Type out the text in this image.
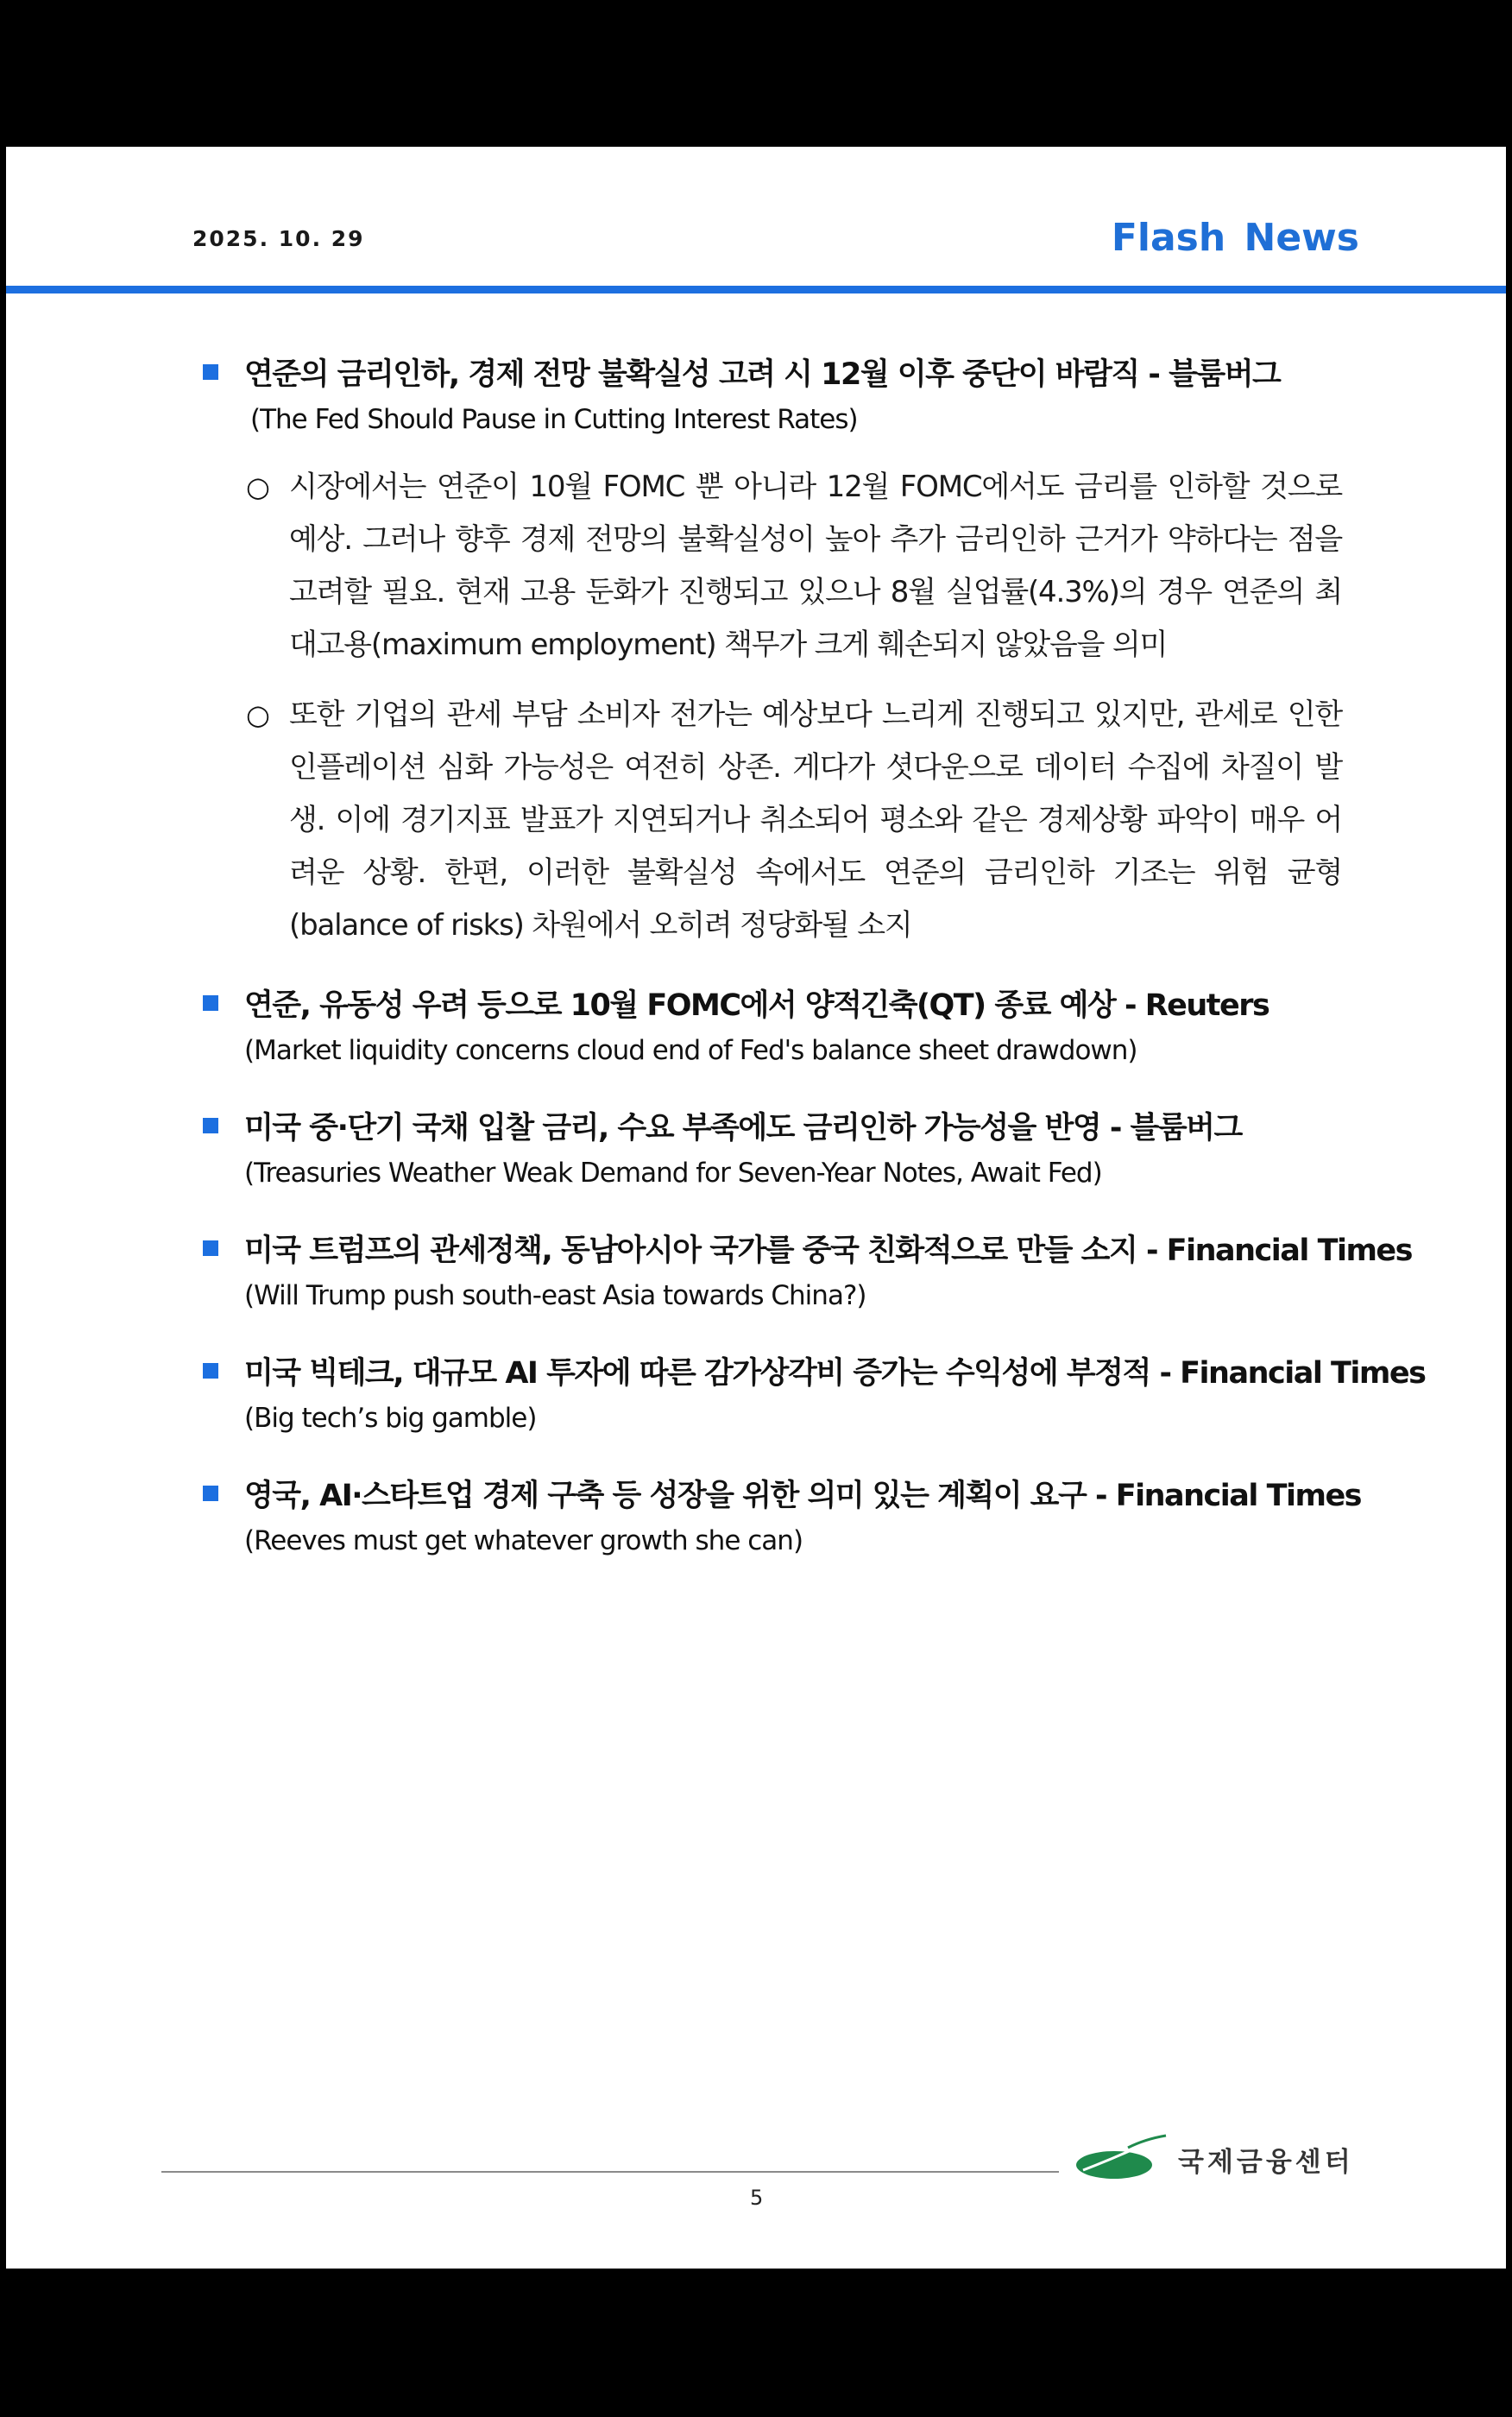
2025. 10. 29	Flash News
연준의 금리인하, 경제 전망 불확실성 고려 시 12월 이후 중단이 바람직 - 블룸버그
(The Fed Should Pause in Cutting Interest Rates)
○ 시장에서는 연준이 10월 FOMC 뿐 아니라 12월 FOMC에서도 금리를 인하할 것으로 예상. 그러나 향후 경제 전망의 불확실성이 높아 추가 금리인하 근거가 약하다는 점을 고려할 필요. 현재 고용 둔화가 진행되고 있으나 8월 실업률(4.3%)의 경우 연준의 최대고용(maximum employment) 책무가 크게 훼손되지 않았음을 의미
○ 또한 기업의 관세 부담 소비자 전가는 예상보다 느리게 진행되고 있지만, 관세로 인한 인플레이션 심화 가능성은 여전히 상존. 게다가 셧다운으로 데이터 수집에 차질이 발생. 이에 경기지표 발표가 지연되거나 취소되어 평소와 같은 경제상황 파악이 매우 어려운 상황. 한편, 이러한 불확실성 속에서도 연준의 금리인하 기조는 위험 균형(balance of risks) 차원에서 오히려 정당화될 소지
연준, 유동성 우려 등으로 10월 FOMC에서 양적긴축(QT) 종료 예상 - Reuters
(Market liquidity concerns cloud end of Fed's balance sheet drawdown)
미국 중·단기 국채 입찰 금리, 수요 부족에도 금리인하 가능성을 반영 - 블룸버그
(Treasuries Weather Weak Demand for Seven-Year Notes, Await Fed)
미국 트럼프의 관세정책, 동남아시아 국가를 중국 친화적으로 만들 소지 - Financial Times
(Will Trump push south-east Asia towards China?)
미국 빅테크, 대규모 AI 투자에 따른 감가상각비 증가는 수익성에 부정적 - Financial Times
(Big tech’s big gamble)
영국, AI·스타트업 경제 구축 등 성장을 위한 의미 있는 계획이 요구 - Financial Times
(Reeves must get whatever growth she can)
5
국제금융센터
